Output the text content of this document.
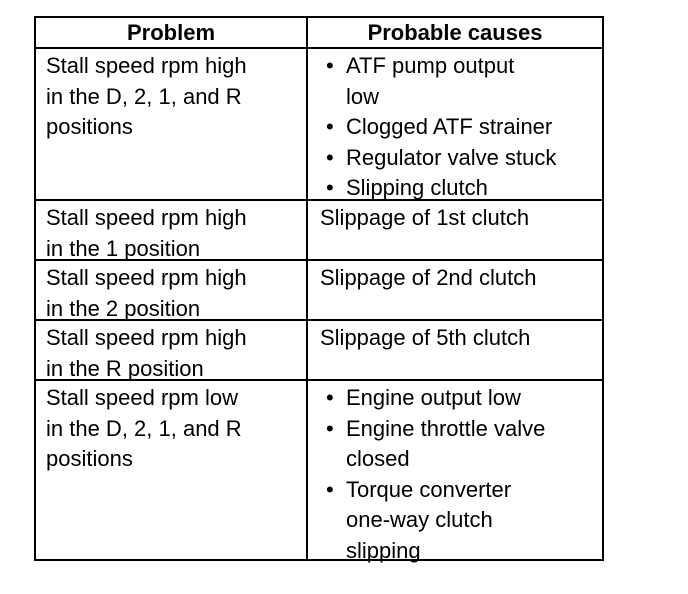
Problem	Probable causes
Stall speed rpm high
in the D, 2, 1, and R
positions
• ATF pump output
low
• Clogged ATF strainer
• Regulator valve stuck
• Slipping clutch
Stall speed rpm high
in the 1 position
Slippage of 1st clutch
Stall speed rpm high
in the 2 position
Slippage of 2nd clutch
Stall speed rpm high
in the R position
Slippage of 5th clutch
Stall speed rpm low
in the D, 2, 1, and R
positions
• Engine output low
• Engine throttle valve
closed
• Torque converter
one-way clutch
slipping
